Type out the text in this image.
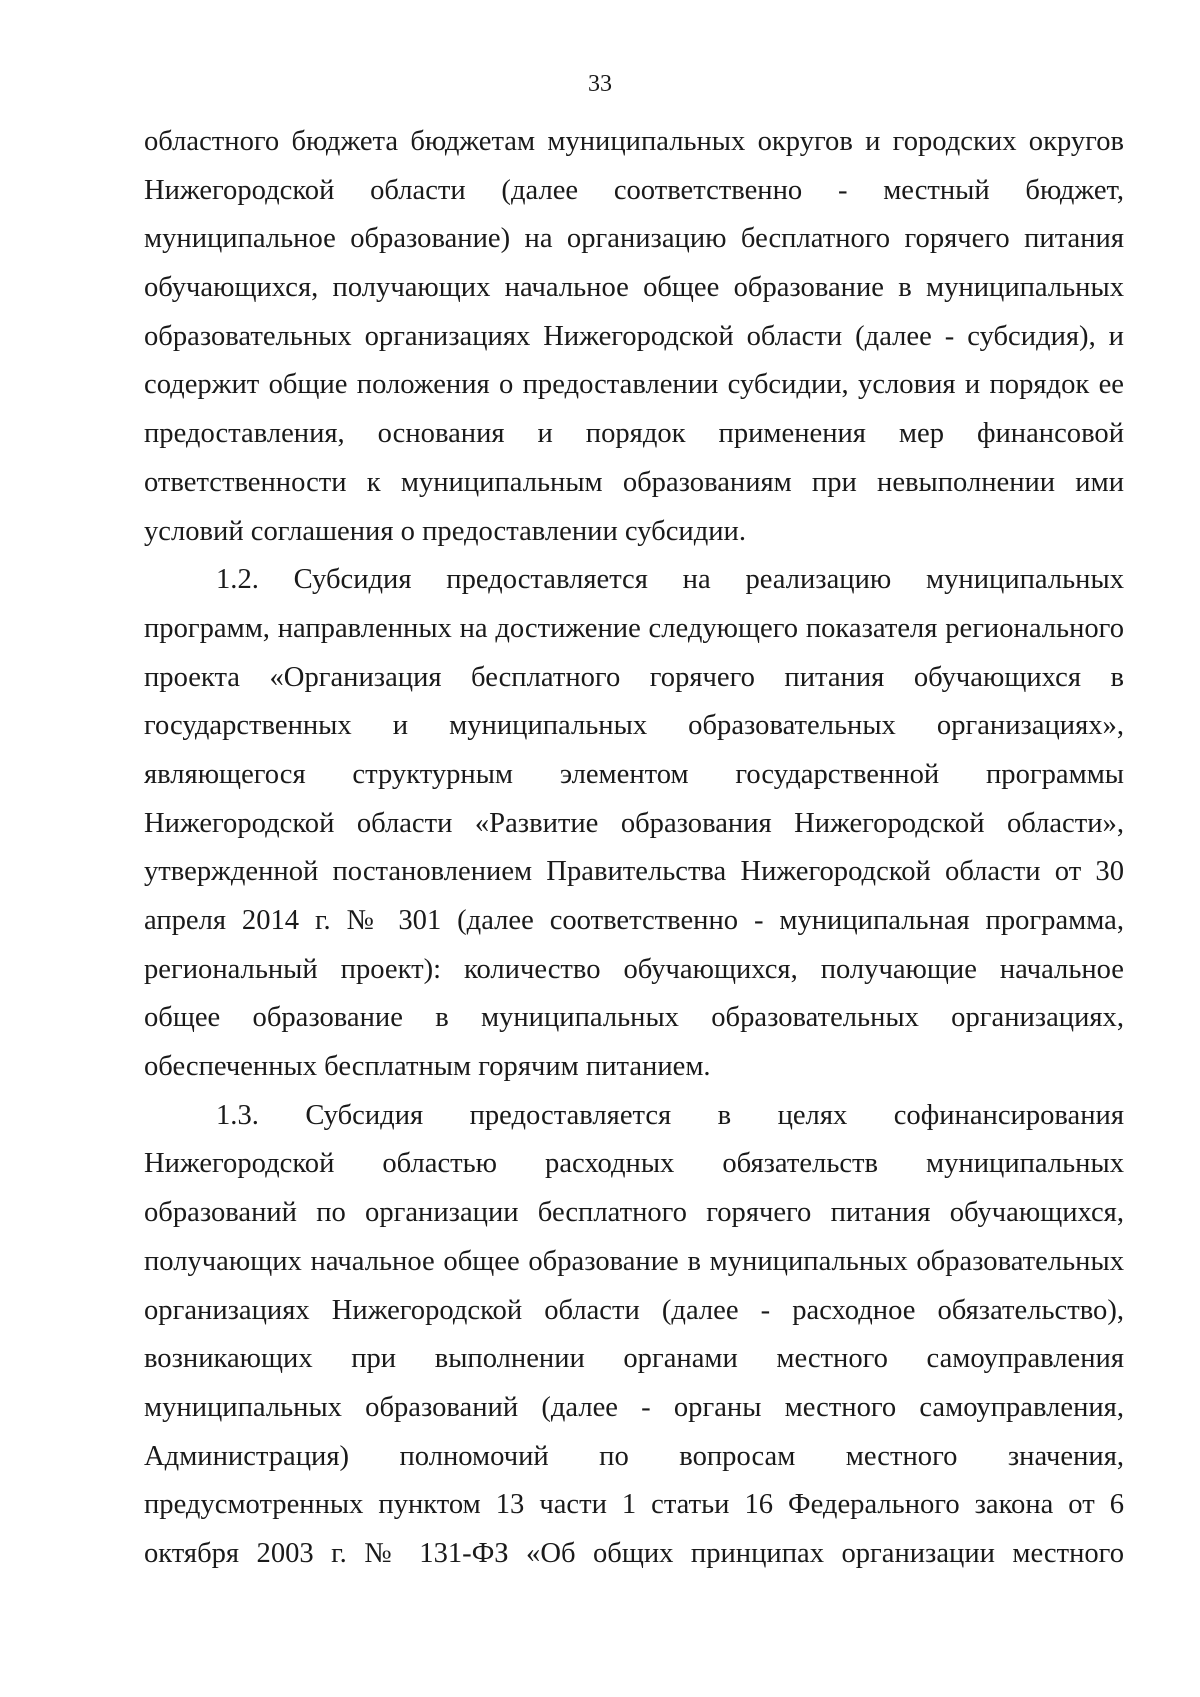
33
областного бюджета бюджетам муниципальных округов и городских округов
Нижегородской области (далее соответственно - местный бюджет,
муниципальное образование) на организацию бесплатного горячего питания
обучающихся, получающих начальное общее образование в муниципальных
образовательных организациях Нижегородской области (далее - субсидия), и
содержит общие положения о предоставлении субсидии, условия и порядок ее
предоставления, основания и порядок применения мер финансовой
ответственности к муниципальным образованиям при невыполнении ими
условий соглашения о предоставлении субсидии.
1.2. Субсидия предоставляется на реализацию муниципальных
программ, направленных на достижение следующего показателя регионального
проекта «Организация бесплатного горячего питания обучающихся в
государственных и муниципальных образовательных организациях»,
являющегося структурным элементом государственной программы
Нижегородской области «Развитие образования Нижегородской области»,
утвержденной постановлением Правительства Нижегородской области от 30
апреля 2014 г. № 301 (далее соответственно - муниципальная программа,
региональный проект): количество обучающихся, получающие начальное
общее образование в муниципальных образовательных организациях,
обеспеченных бесплатным горячим питанием.
1.3. Субсидия предоставляется в целях софинансирования
Нижегородской областью расходных обязательств муниципальных
образований по организации бесплатного горячего питания обучающихся,
получающих начальное общее образование в муниципальных образовательных
организациях Нижегородской области (далее - расходное обязательство),
возникающих при выполнении органами местного самоуправления
муниципальных образований (далее - органы местного самоуправления,
Администрация) полномочий по вопросам местного значения,
предусмотренных пунктом 13 части 1 статьи 16 Федерального закона от 6
октября 2003 г. № 131-ФЗ «Об общих принципах организации местного
